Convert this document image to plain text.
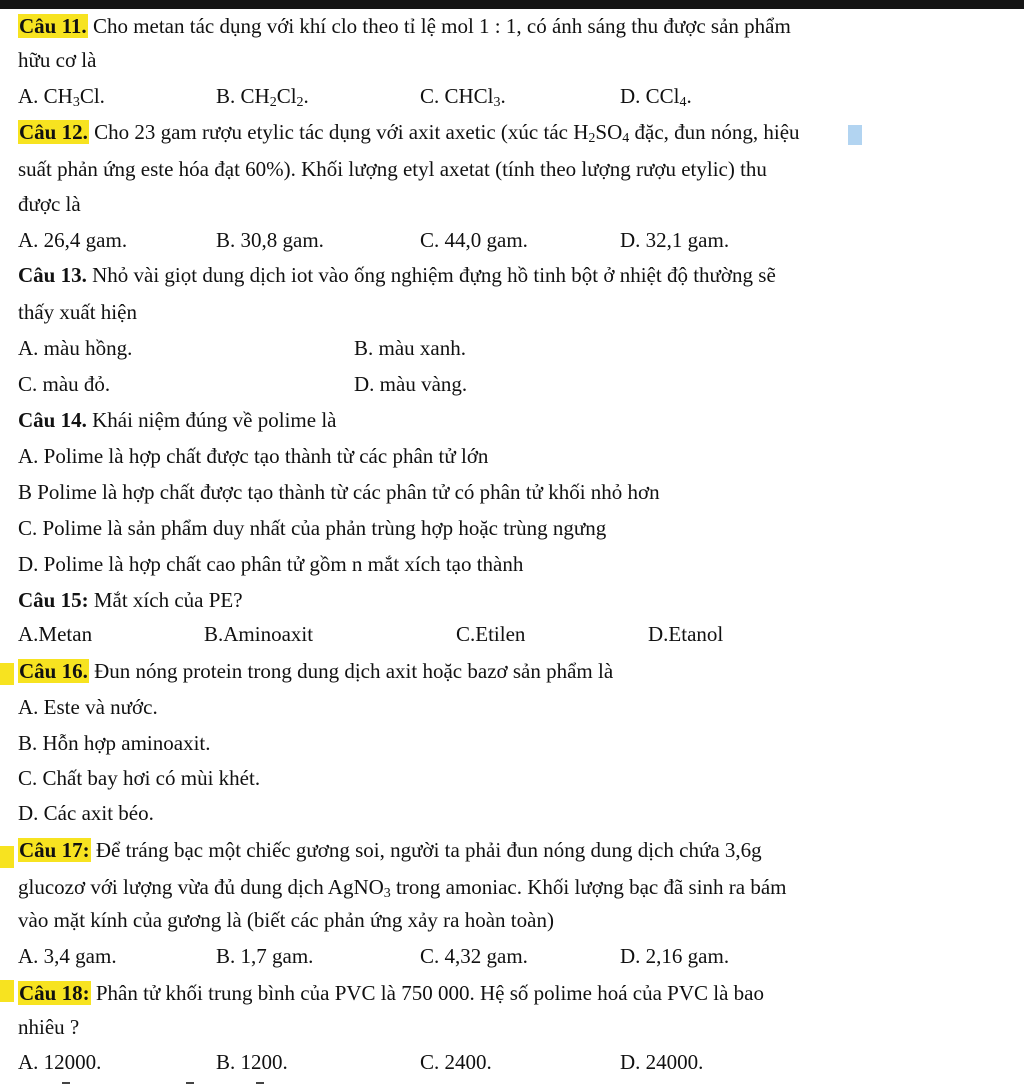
Câu 11. Cho metan tác dụng với khí clo theo tỉ lệ mol 1 : 1, có ánh sáng thu được sản phẩm
hữu cơ là
A. $CH_3Cl$.	B. $CH_2Cl_2$.	C. CHCl$_3$.	D. CCl$_4$.
Câu 12. Cho 23 gam rượu etylic tác dụng với axit axetic (xúc tác $H_2SO_4$ đặc, đun nóng, hiệu
suất phản ứng este hóa đạt 60%). Khối lượng etyl axetat (tính theo lượng rượu etylic) thu
được là
A. 26,4 gam.	B. 30,8 gam.	C. 44,0 gam.	D. 32,1 gam.
Câu 13. Nhỏ vài giọt dung dịch iot vào ống nghiệm đựng hồ tinh bột ở nhiệt độ thường sẽ
thấy xuất hiện
A. màu hồng.	B. màu xanh.
C. màu đỏ.	D. màu vàng.
Câu 14. Khái niệm đúng về polime là
A. Polime là hợp chất được tạo thành từ các phân tử lớn
B Polime là hợp chất được tạo thành từ các phân tử có phân tử khối nhỏ hơn
C. Polime là sản phẩm duy nhất của phản trùng hợp hoặc trùng ngưng
D. Polime là hợp chất cao phân tử gồm n mắt xích tạo thành
Câu 15: Mắt xích của PE?
A.Metan	B.Aminoaxit	C.Etilen	D.Etanol
Câu 16. Đun nóng protein trong dung dịch axit hoặc bazơ sản phẩm là
A. Este và nước.
B. Hỗn hợp aminoaxit.
C. Chất bay hơi có mùi khét.
D. Các axit béo.
Câu 17: Để tráng bạc một chiếc gương soi, người ta phải đun nóng dung dịch chứa 3,6g
glucozơ với lượng vừa đủ dung dịch AgNO$_3$ trong amoniac. Khối lượng bạc đã sinh ra bám
vào mặt kính của gương là (biết các phản ứng xảy ra hoàn toàn)
A. 3,4 gam.	B. 1,7 gam.	C. 4,32 gam.	D. 2,16 gam.
Câu 18: Phân tử khối trung bình của PVC là 750 000. Hệ số polime hoá của PVC là bao
nhiêu ?
A. 12000.	B. 1200.	C. 2400.	D. 24000.
